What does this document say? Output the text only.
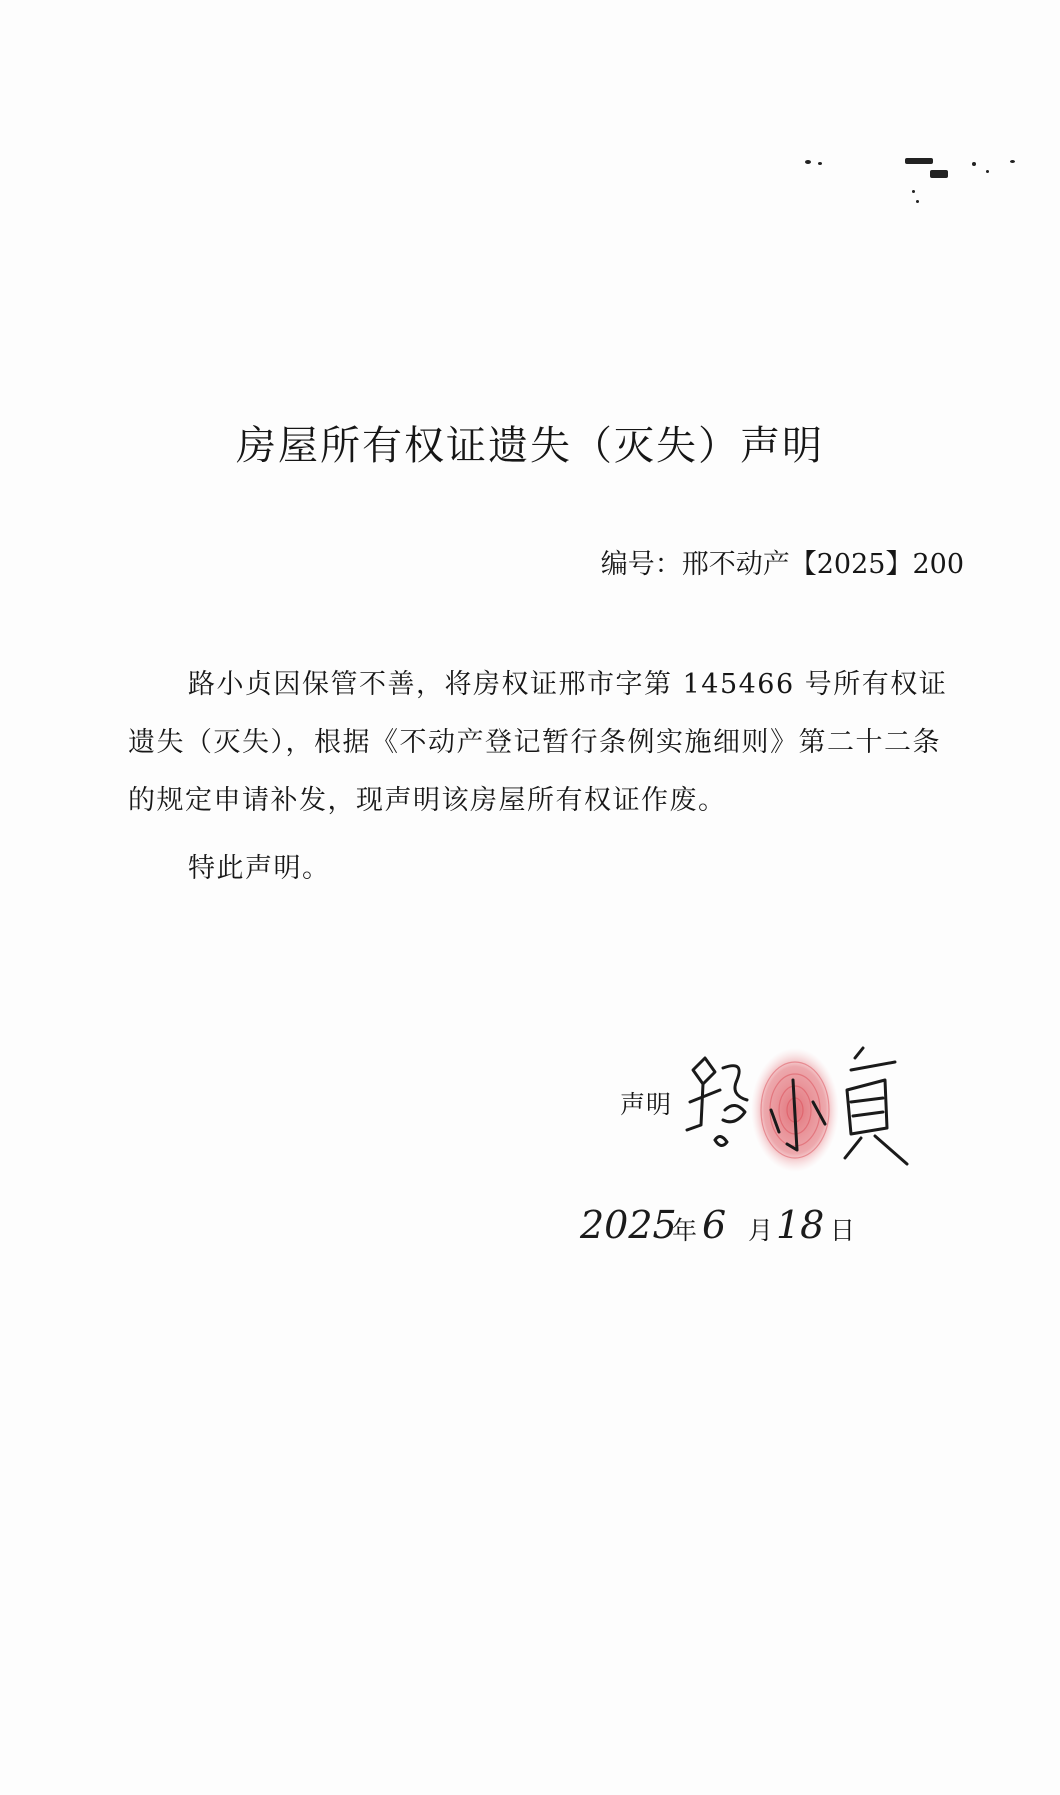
房屋所有权证遗失（灭失）声明
编号：邢不动产【2025】200

路小贞因保管不善，将房权证邢市字第 145466 号所有权证遗失（灭失），根据《不动产登记暂行条例实施细则》第二十二条的规定申请补发，现声明该房屋所有权证作废。

特此声明。
声明
2025
年 6 月 18 日
